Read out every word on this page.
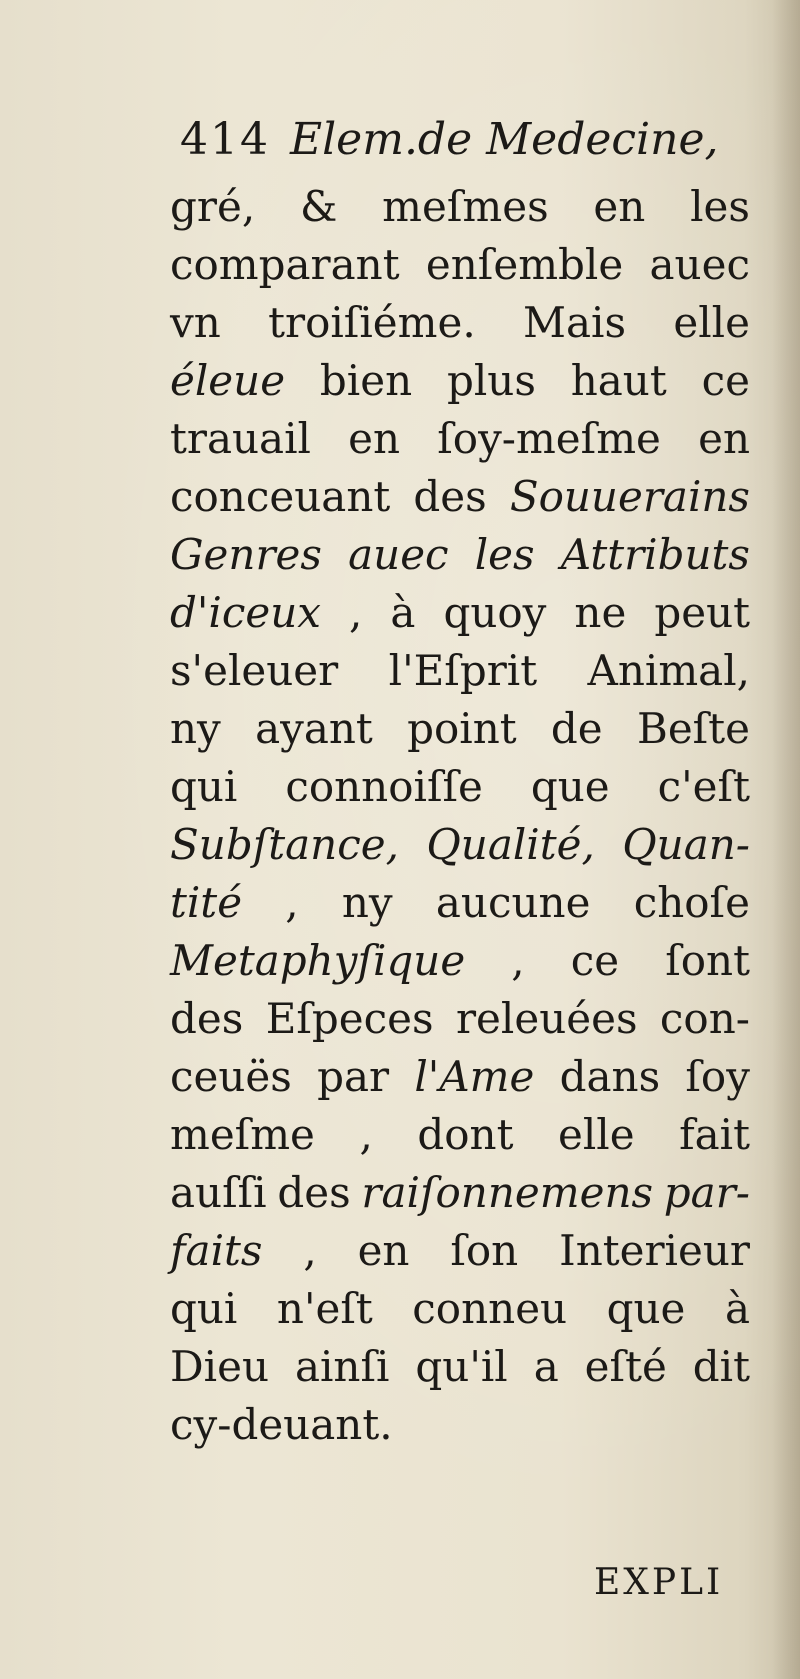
414 Elem.de Medecine,
gré, & meſmes en les
comparant enſemble auec
vn troiſiéme. Mais elle
éleue bien plus haut ce
trauail en ſoy-meſme en
conceuant des Souuerains
Genres auec les Attributs
d'iceux , à quoy ne peut
s'eleuer l'Eſprit Animal,
ny ayant point de Beſte
qui connoiſſe que c'eſt
Subſtance, Qualité, Quan-
tité , ny aucune choſe
Metaphyſique , ce ſont
des Eſpeces releuées con-
ceuës par l'Ame dans ſoy
meſme , dont elle fait
auſſi des raiſonnemens par-
faits , en ſon Interieur
qui n'eſt conneu que à
Dieu ainſi qu'il a eſté dit
cy-deuant.
EXPLI
